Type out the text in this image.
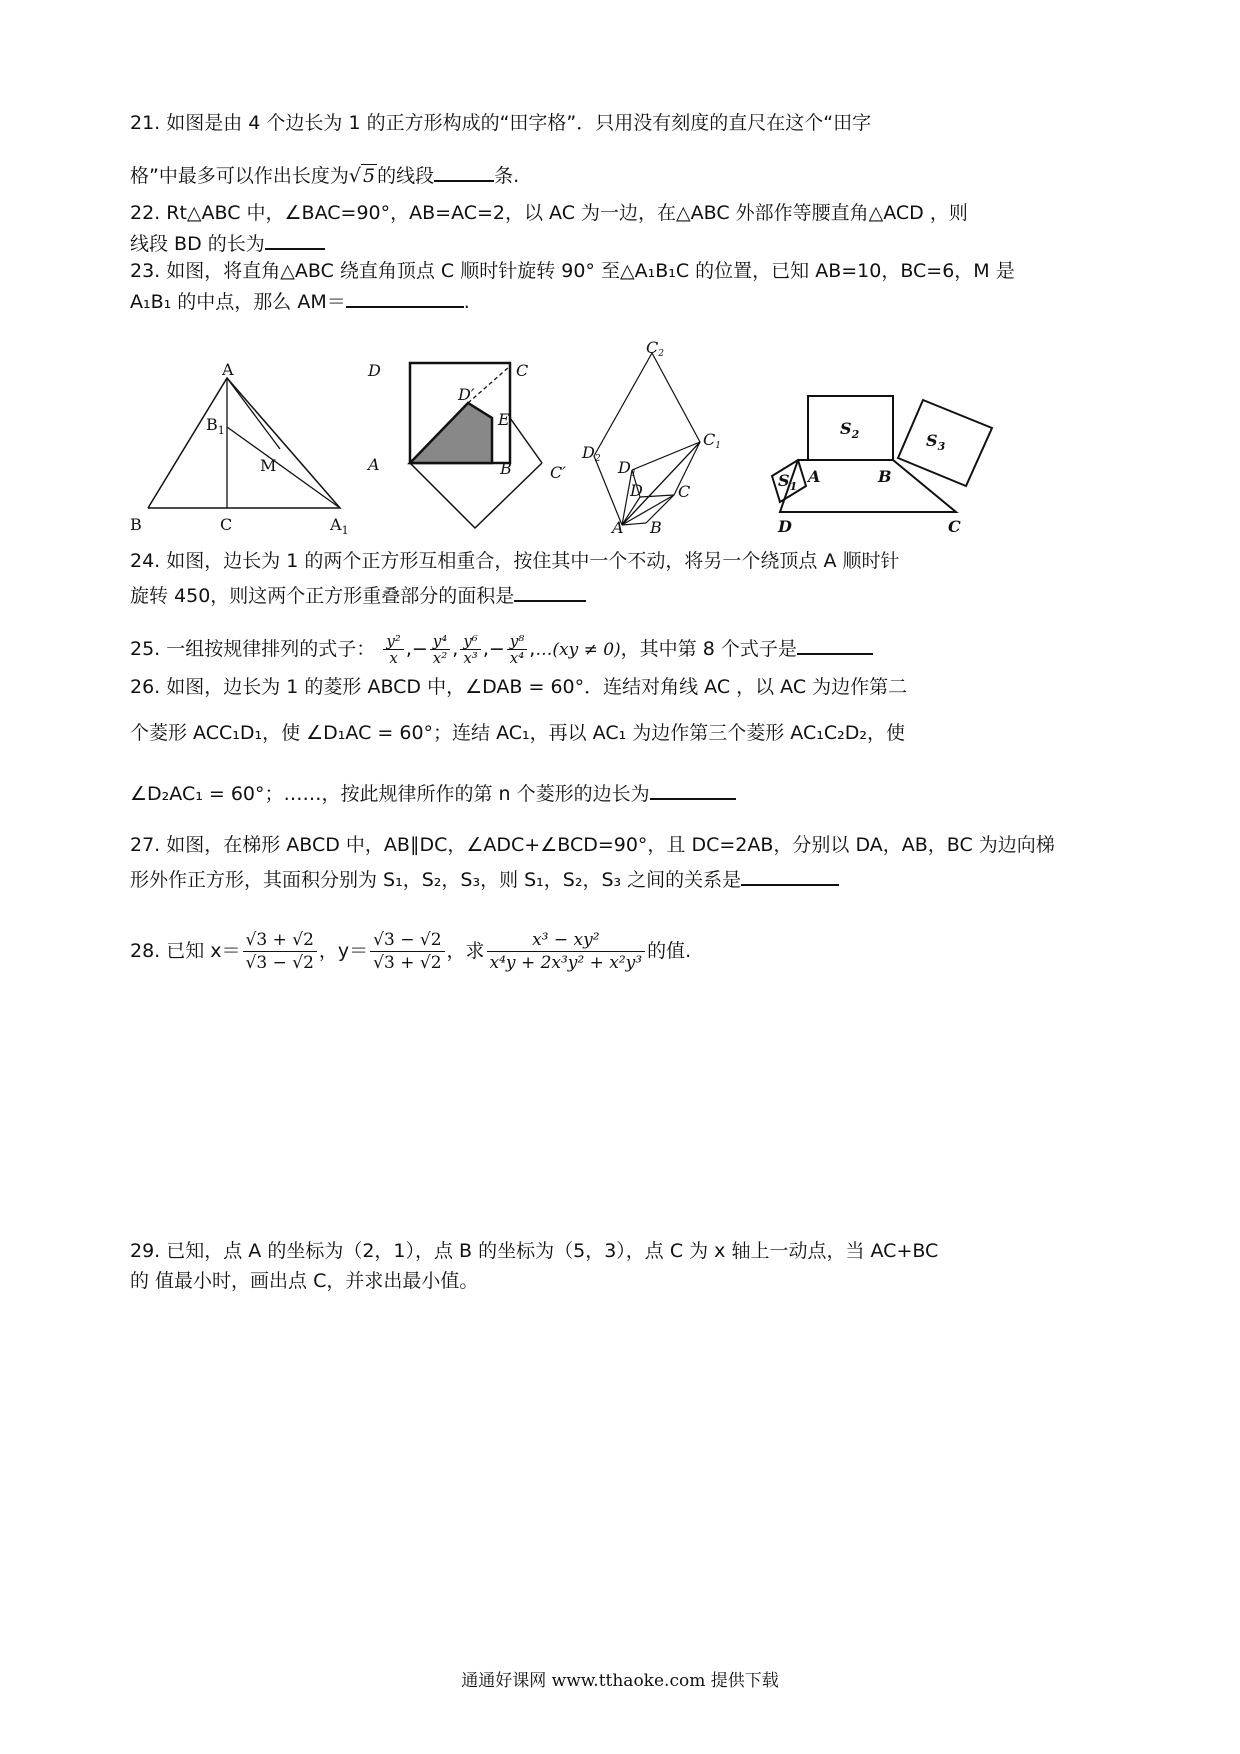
21. 如图是由 4 个边长为 1 的正方形构成的“田字格”．只用没有刻度的直尺在这个“田字
格”中最多可以作出长度为√ 5 的线段	条.
22. Rt△ABC 中，∠BAC=90°，AB=AC=2，以 AC 为一边，在△ABC 外部作等腰直角△ACD ，则
线段 BD 的长为
23. 如图，将直角△ABC 绕直角顶点 C 顺时针旋转 90° 至△A₁B₁C 的位置，已知 AB=10，BC=6，M 是
A₁B₁ 的中点，那么 AM＝	.
A
$B_1$
M
B	C	$A_1$
D
D′
C
E
A	B C′
C2
D2
C1
D1
D C
A B
$S_2$	$S_3$
$S_1$
A	B
D	C
24. 如图，边长为 1 的两个正方形互相重合，按住其中一个不动，将另一个绕顶点 A 顺时针
旋转 450，则这两个正方形重叠部分的面积是
25. 一组按规律排列的式子： $\frac{\text{y²}}{x}$ ,− $\frac{\text{y⁴}}{\text{x²}}$ , $\frac{\text{y⁶}}{\text{x³}}$ ,− $\frac{\text{y⁸}}{\text{x⁴}}$ ,…(xy ≠ 0)，其中第 8 个式子是
26. 如图，边长为 1 的菱形 ABCD 中，∠DAB = 60°．连结对角线 AC ，以 AC 为边作第二
个菱形 ACC₁D₁，使 ∠D₁AC = 60°；连结 AC₁，再以 AC₁ 为边作第三个菱形 AC₁C₂D₂，使
∠D₂AC₁ = 60°；……，按此规律所作的第 n 个菱形的边长为
27. 如图，在梯形 ABCD 中，AB∥DC，∠ADC+∠BCD=90°，且 DC=2AB，分别以 DA，AB，BC 为边向梯
形外作正方形，其面积分别为 S₁，S₂，S₃，则 S₁，S₂，S₃ 之间的关系是
28. 已知 $x= \frac{√3 + √2}{√3 - √2}$ ，$y= \frac{√3 - √2}{√3 + √2}$ ，求 $\frac{\text{x³ − xy²}}{\text{x⁴y + 2x³y² + x²y³}}$ 的值.
29. 已知，点 A 的坐标为（2，1），点 B 的坐标为（5，3），点 C 为 x 轴上一动点，当 AC+BC
的 值最小时，画出点 C，并求出最小值。
通通好课网 www.tthaoke.com 提供下载
